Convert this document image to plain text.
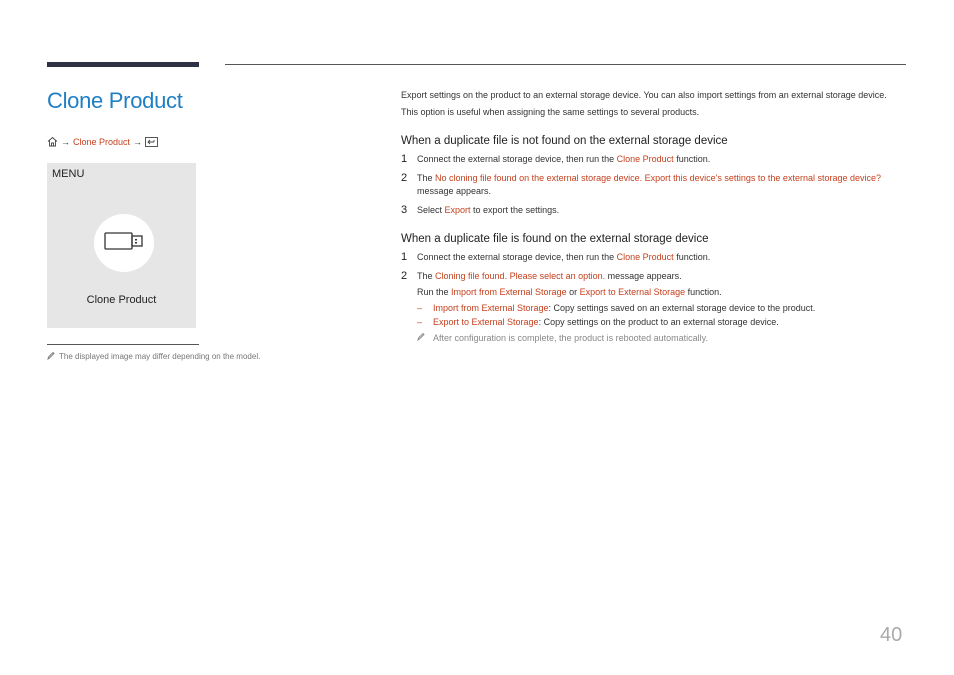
Clone Product
→ Clone Product →
MENU
Clone Product
The displayed image may differ depending on the model.

Export settings on the product to an external storage device. You can also import settings from an external storage device.

This option is useful when assigning the same settings to several products.

When a duplicate file is not found on the external storage device
1	Connect the external storage device, then run the Clone Product function.
2	The No cloning file found on the external storage device. Export this device's settings to the external storage device? message appears.
3	Select Export to export the settings.
When a duplicate file is found on the external storage device
1	Connect the external storage device, then run the Clone Product function.
2	The Cloning file found. Please select an option. message appears.
Run the Import from External Storage or Export to External Storage function.
–	Import from External Storage: Copy settings saved on an external storage device to the product.
–	Export to External Storage: Copy settings on the product to an external storage device.
After configuration is complete, the product is rebooted automatically.
40
